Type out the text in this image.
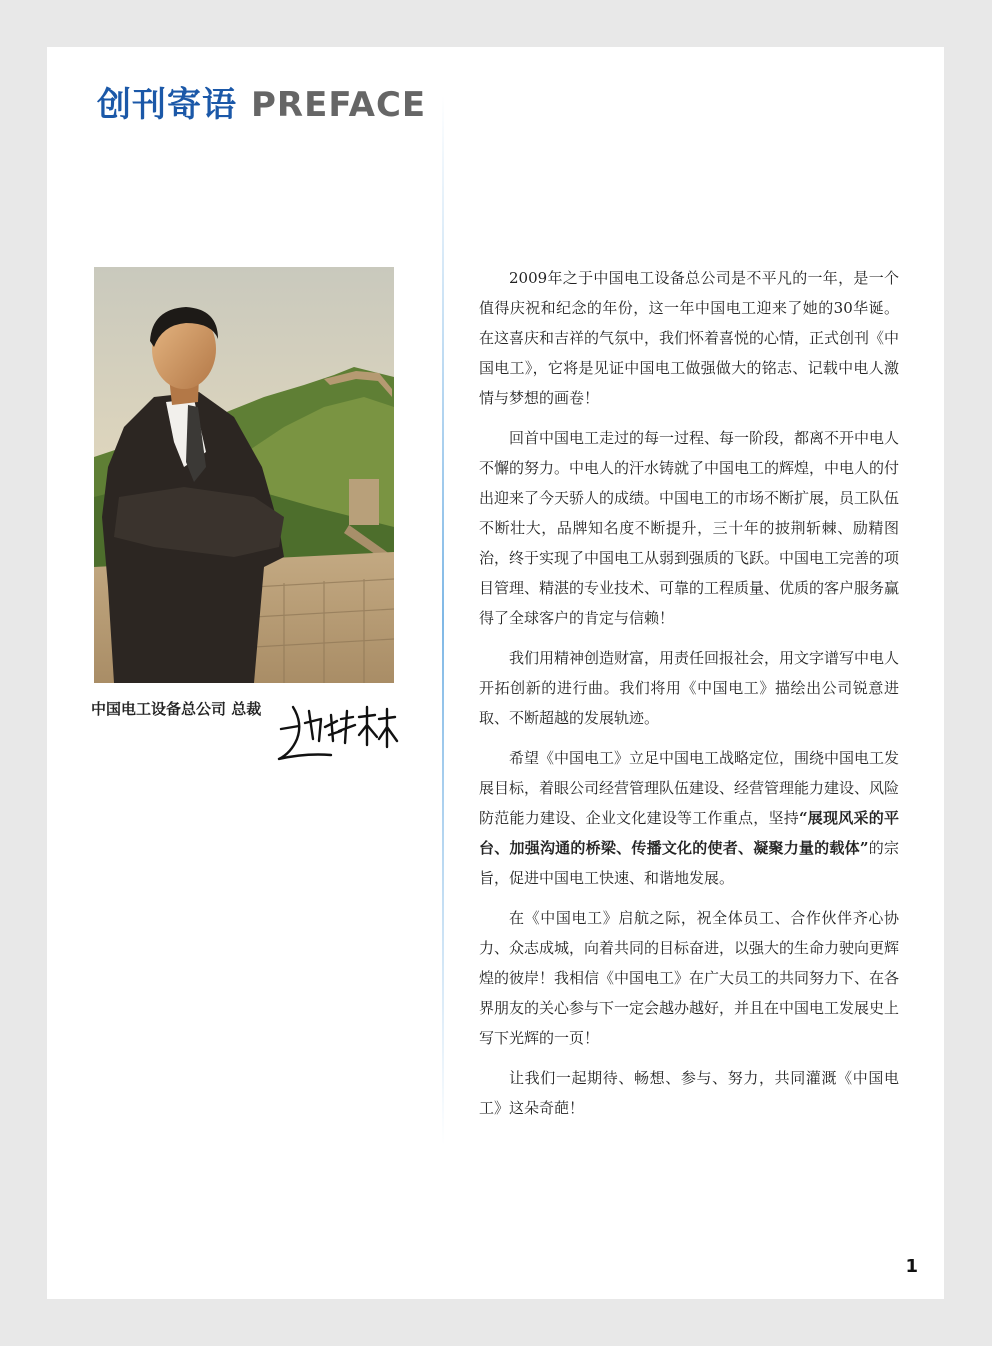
创刊寄语 PREFACE
中国电工设备总公司 总裁

2009年之于中国电工设备总公司是不平凡的一年，是一个值得庆祝和纪念的年份，这一年中国电工迎来了她的30华诞。在这喜庆和吉祥的气氛中，我们怀着喜悦的心情，正式创刊《中国电工》，它将是见证中国电工做强做大的铭志、记载中电人激情与梦想的画卷！

回首中国电工走过的每一过程、每一阶段，都离不开中电人不懈的努力。中电人的汗水铸就了中国电工的辉煌，中电人的付出迎来了今天骄人的成绩。中国电工的市场不断扩展，员工队伍不断壮大，品牌知名度不断提升，三十年的披荆斩棘、励精图治，终于实现了中国电工从弱到强质的飞跃。中国电工完善的项目管理、精湛的专业技术、可靠的工程质量、优质的客户服务赢得了全球客户的肯定与信赖！

我们用精神创造财富，用责任回报社会，用文字谱写中电人开拓创新的进行曲。我们将用《中国电工》描绘出公司锐意进取、不断超越的发展轨迹。

希望《中国电工》立足中国电工战略定位，围绕中国电工发展目标，着眼公司经营管理队伍建设、经营管理能力建设、风险防范能力建设、企业文化建设等工作重点，坚持“展现风采的平台、加强沟通的桥梁、传播文化的使者、凝聚力量的载体”的宗旨，促进中国电工快速、和谐地发展。

在《中国电工》启航之际，祝全体员工、合作伙伴齐心协力、众志成城，向着共同的目标奋进，以强大的生命力驶向更辉煌的彼岸！我相信《中国电工》在广大员工的共同努力下、在各界朋友的关心参与下一定会越办越好，并且在中国电工发展史上写下光辉的一页！

让我们一起期待、畅想、参与、努力，共同灌溉《中国电工》这朵奇葩！

1
